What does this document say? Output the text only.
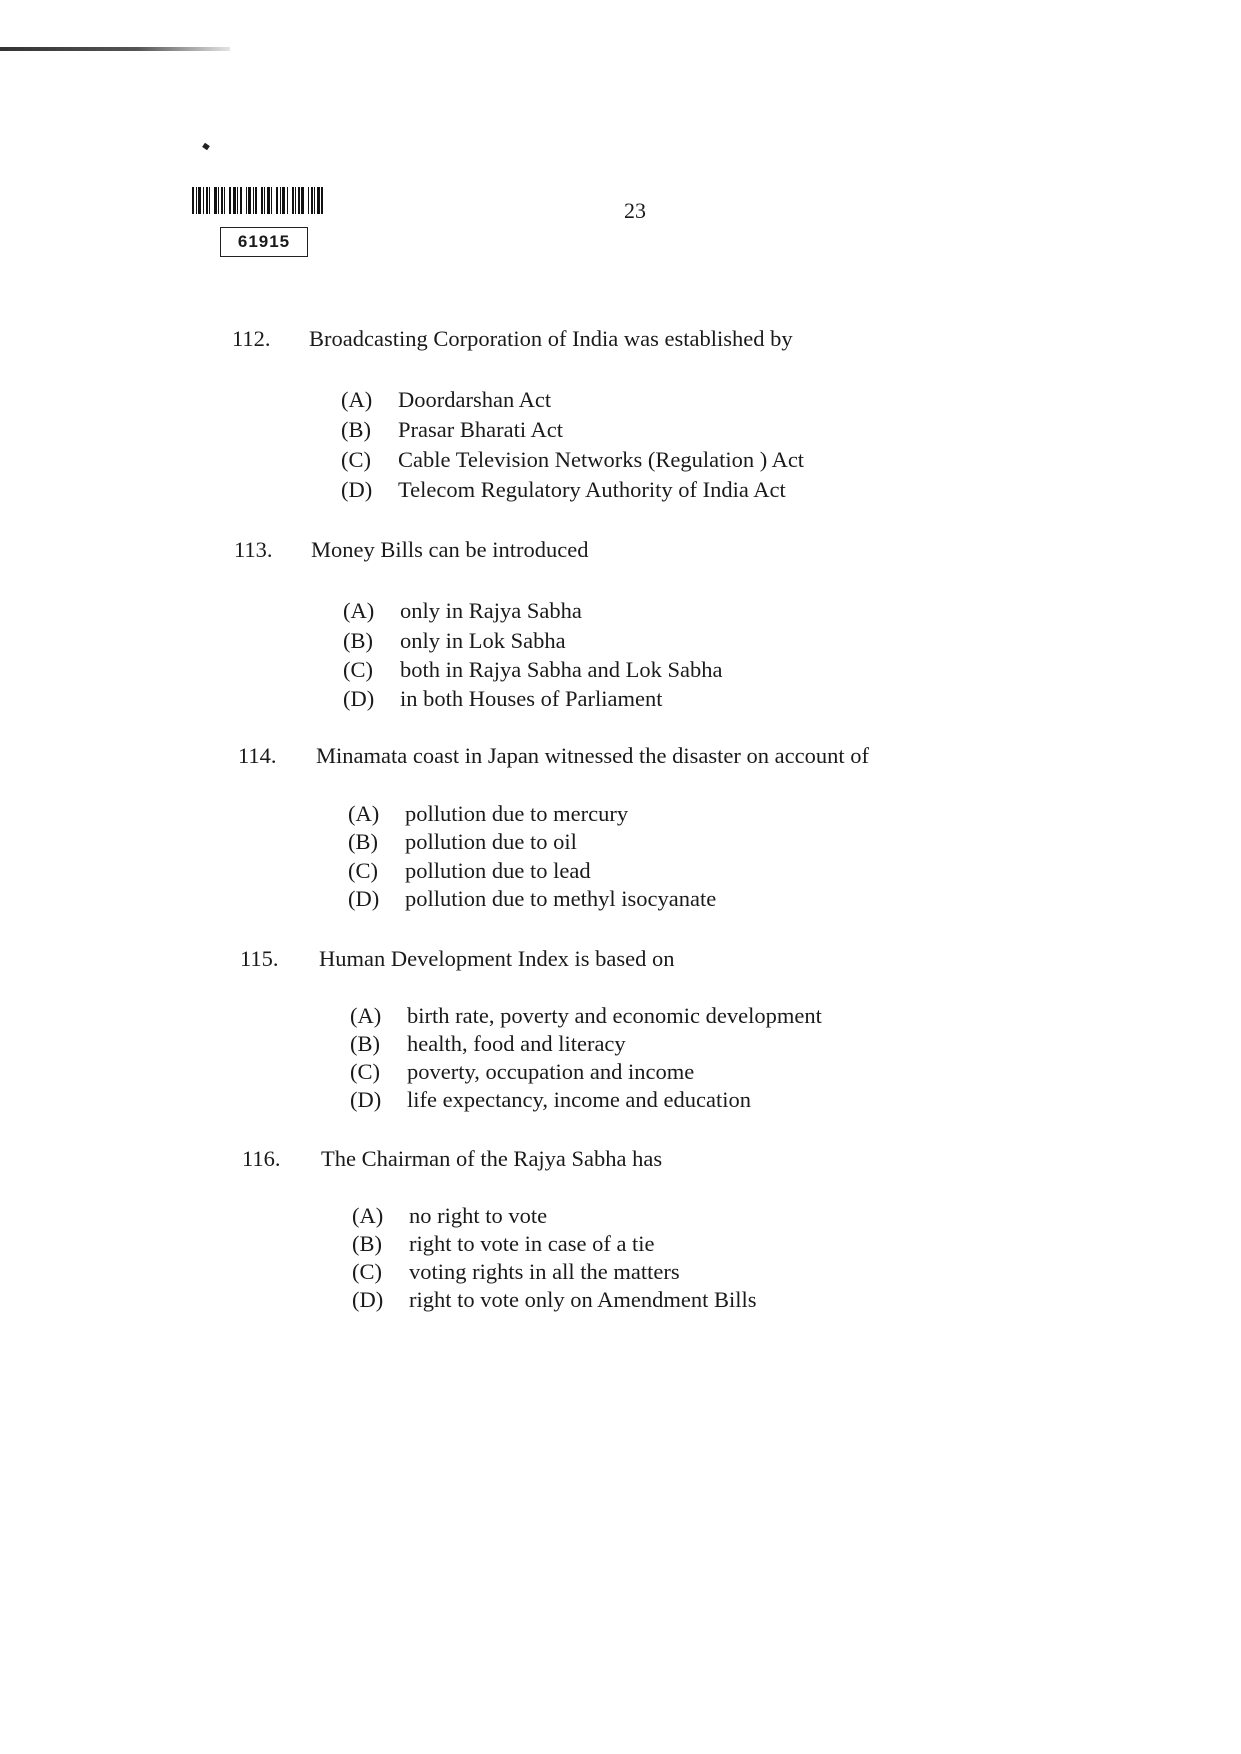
61915
23
112. Broadcasting Corporation of India was established by
(A) Doordarshan Act
(B) Prasar Bharati Act
(C) Cable Television Networks (Regulation ) Act
(D) Telecom Regulatory Authority of India Act
113. Money Bills can be introduced
(A) only in Rajya Sabha
(B) only in Lok Sabha
(C) both in Rajya Sabha and Lok Sabha
(D) in both Houses of Parliament
114. Minamata coast in Japan witnessed the disaster on account of
(A) pollution due to mercury
(B) pollution due to oil
(C) pollution due to lead
(D) pollution due to methyl isocyanate
115. Human Development Index is based on
(A) birth rate, poverty and economic development
(B) health, food and literacy
(C) poverty, occupation and income
(D) life expectancy, income and education
116. The Chairman of the Rajya Sabha has
(A) no right to vote
(B) right to vote in case of a tie
(C) voting rights in all the matters
(D) right to vote only on Amendment Bills
